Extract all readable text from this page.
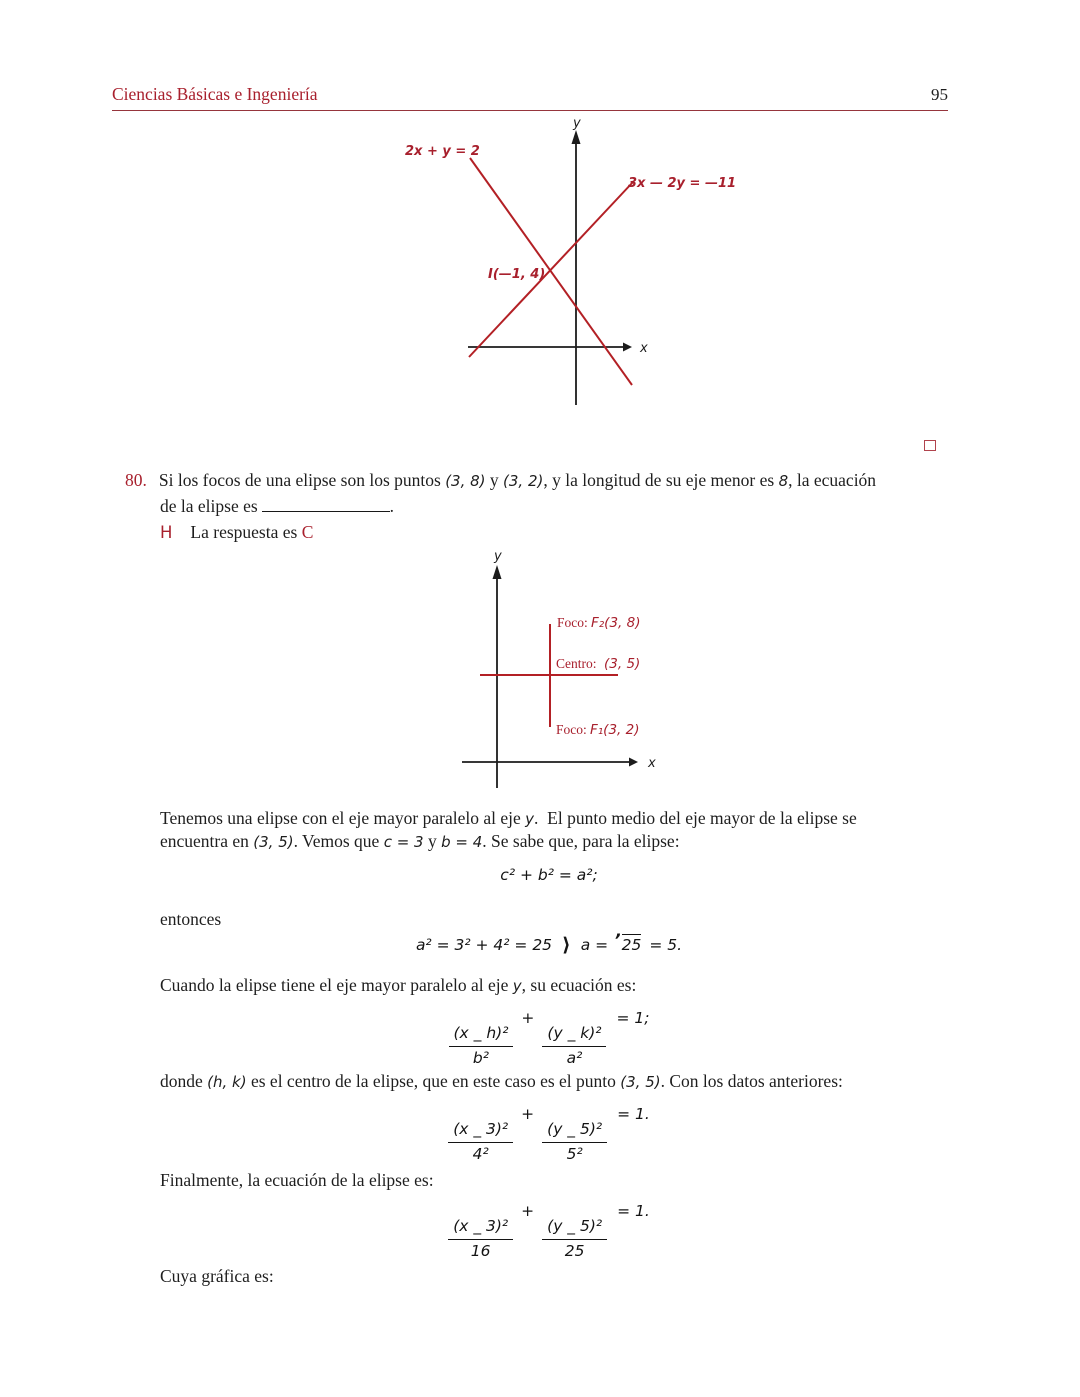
Ciencias Básicas e Ingeniería	95
y
x
2x + y = 2
3x — 2y = —11
I(—1, 4)
80. Si los focos de una elipse son los puntos (3, 8) y (3, 2), y la longitud de su eje menor es 8, la ecuación
de la elipse es	.
H La respuesta es C
y
x
Foco: F₂(3, 8)
Centro: (3, 5)
Foco: F₁(3, 2)
Tenemos una elipse con el eje mayor paralelo al eje y.  El punto medio del eje mayor de la elipse se
encuentra en (3, 5). Vemos que c = 3 y b = 4. Se sabe que, para la elipse:
c² + b² = a²;
entonces
a² = 3² + 4² = 25 ⟩ a = ’25 = 5.
Cuando la elipse tiene el eje mayor paralelo al eje y, su ecuación es:
$\frac{\text{(x \_ h)²}}{\text{b²}}$
+
$\frac{\text{(y \_ k)²}}{\text{a²}}$
= 1;
donde (h, k) es el centro de la elipse, que en este caso es el punto (3, 5). Con los datos anteriores:
$\frac{\text{(x \_ 3)²}}{\text{4²}}$
+
$\frac{\text{(y \_ 5)²}}{\text{5²}}$
= 1.
Finalmente, la ecuación de la elipse es:
$\frac{\text{(x \_ 3)²}}{16}$
+
$\frac{\text{(y \_ 5)²}}{25}$
= 1.
Cuya gráfica es:
